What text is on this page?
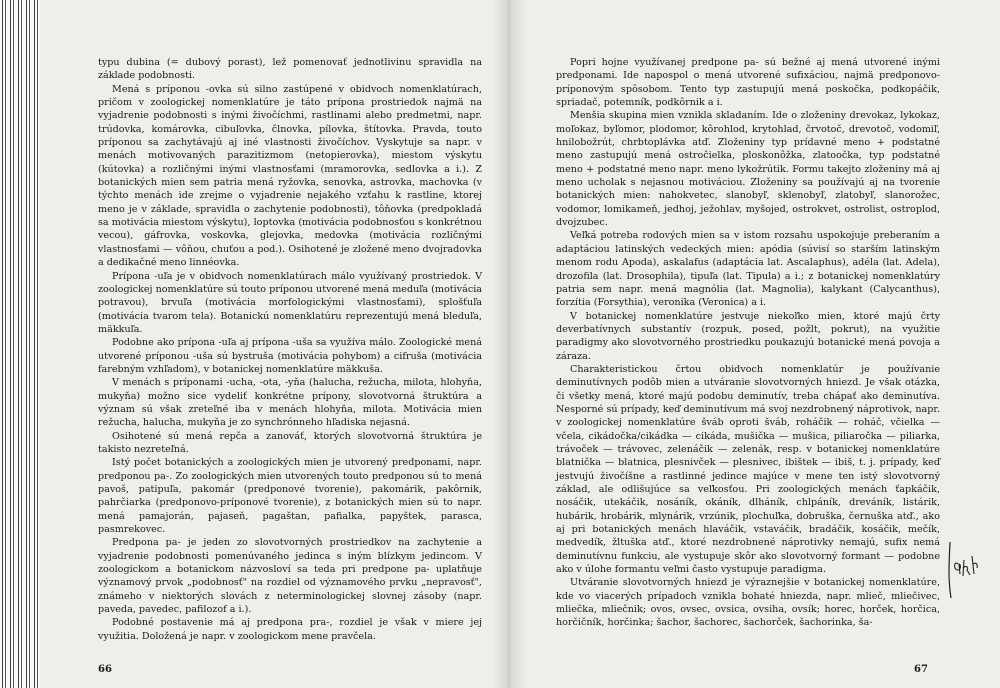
typu dubina (= dubový porast), lež pomenovať jednotlivinu spravidla na základe podobnosti.

Mená s príponou -ovka sú silno zastúpené v obidvoch nomenklatúrach, pričom v zoologickej nomenklatúre je táto prípona prostriedok najmä na vyjadrenie podobnosti s inými živočíchmi, rastlinami alebo predmetmi, napr. trúdovka, komárovka, cibuľovka, člnovka, pílovka, štítovka. Pravda, touto príponou sa zachytávajú aj iné vlastnosti živočíchov. Vyskytuje sa napr. v menách motivovaných parazitizmom (netopierovka), miestom výskytu (kútovka) a rozličnými inými vlastnosťami (mramorovka, sedlovka a i.). Z botanických mien sem patria mená ryžovka, senovka, astrovka, machovka (v týchto menách ide zrejme o vyjadrenie nejakého vzťahu k rastline, ktorej meno je v základe, spravidla o zachytenie podobnosti), tôňovka (predpokladá sa motivácia miestom výskytu), loptovka (motivácia podobnosťou s konkrétnou vecou), gáfrovka, voskovka, glejovka, medovka (motivácia rozličnými vlastnosťami — vôňou, chuťou a pod.). Osihotené je zložené meno dvojradovka a dedikačné meno linnéovka.

Prípona -uľa je v obidvoch nomenklatúrach málo využívaný prostriedok. V zoologickej nomenklatúre sú touto príponou utvorené mená meduľa (motivácia potravou), brvuľa (motivácia morfologickými vlastnosťami), splošťuľa (motivácia tvarom tela). Botanickú nomenklatúru reprezentujú mená bleduľa, mäkkuľa.

Podobne ako prípona -uľa aj prípona -uša sa využíva málo. Zoologické mená utvorené príponou -uša sú bystruša (motivácia pohybom) a cifruša (motivácia farebným vzhľadom), v botanickej nomenklatúre mäkkuša.

V menách s príponami -ucha, -ota, -yňa (halucha, režucha, milota, hlohyňa, mukyňa) možno sice vydeliť konkrétne prípony, slovotvorná štruktúra a význam sú však zreteľné iba v menách hlohyňa, milota. Motivácia mien režucha, halucha, mukyňa je zo synchrónneho hľadiska nejasná.

Osihotené sú mená repča a zanováť, ktorých slovotvorná štruktúra je takisto nezreteľná.

Istý počet botanických a zoologických mien je utvorený predponami, napr. predponou pa-. Zo zoologických mien utvorených touto predponou sú to mená pavoš, patipuľa, pakomár (predponové tvorenie), pakomárik, pakôrnik, pahrčiarka (predponovo-príponové tvorenie), z botanických mien sú to napr. mená pamajorán, pajaseň, pagaštan, pafialka, papyštek, parasca, pasmrekovec.

Predpona pa- je jeden zo slovotvorných prostriedkov na zachytenie a vyjadrenie podobnosti pomenúvaného jedinca s iným blízkym jedincom. V zoologickom a botanickom názvosloví sa teda pri predpone pa- uplatňuje významový prvok „podobnosť" na rozdiel od významového prvku „nepravosť", známeho v niektorých slovách z neterminologickej slovnej zásoby (napr. paveda, pavedec, pafilozof a i.).

Podobné postavenie má aj predpona pra-, rozdiel je však v miere jej využitia. Doložená je napr. v zoologickom mene pravčela.

66

Popri hojne využívanej predpone pa- sú bežné aj mená utvorené inými predponami. Ide napospol o mená utvorené sufixáciou, najmä predponovo-príponovým spôsobom. Tento typ zastupujú mená poskočka, podkopáčik, spriadač, potemník, podkôrnik a i.

Menšia skupina mien vznikla skladaním. Ide o zloženiny drevokaz, lykokaz, moľokaz, byľomor, plodomor, kôrohlod, krytohlad, črvotoč, drevotoč, vodomiľ, hnilobožrút, chrbtoplávka atď. Zloženiny typ prídavné meno + podstatné meno zastupujú mená ostročielka, ploskonôžka, zlatoočka, typ podstatné meno + podstatné meno napr. meno lykožrútik. Formu takejto zloženiny má aj meno ucholak s nejasnou motiváciou. Zloženiny sa používajú aj na tvorenie botanických mien: nahokvetec, slanobyľ, sklenobyľ, zlatobyľ, slanorožec, vodomor, lomikameň, jedhoj, ježohlav, myšojed, ostrokvet, ostrolist, ostroplod, dvojzubec.

Veľká potreba rodových mien sa v istom rozsahu uspokojuje preberaním a adaptáciou latinských vedeckých mien: apódia (súvisí so starším latinským menom rodu Apoda), askalafus (adaptácia lat. Ascalaphus), adéla (lat. Adela), drozofila (lat. Drosophila), tipuľa (lat. Tipula) a i.; z botanickej nomenklatúry patria sem napr. mená magnólia (lat. Magnolia), kalykant (Calycanthus), forzítia (Forsythia), veronika (Veronica) a i.

V botanickej nomenklatúre jestvuje niekoľko mien, ktoré majú črty deverbatívnych substantív (rozpuk, posed, požlt, pokrut), na využitie paradigmy ako slovotvorného prostriedku poukazujú botanické mená povoja a záraza.

Charakteristickou črtou obidvoch nomenklatúr je používanie deminutívnych podôb mien a utváranie slovotvorných hniezd. Je však otázka, či všetky mená, ktoré majú podobu deminutív, treba chápať ako deminutíva. Nesporné sú prípady, keď deminutívum má svoj nezdrobnený náprotivok, napr. v zoologickej nomenklatúre šváb oproti šváb, roháčik — roháč, včielka — včela, cikádočka/cikádka — cikáda, mušička — mušica, piliaročka — piliarka, trávoček — trávovec, zelenáčik — zelenák, resp. v botanickej nomenklatúre blatnička — blatnica, plesnivček — plesnivec, ibištek — ibiš, t. j. prípady, keď jestvujú živočíšne a rastlinné jedince majúce v mene ten istý slovotvorný základ, ale odlišujúce sa veľkosťou. Pri zoologických menách ťapkáčik, nosáčik, utekáčik, nosáník, okáník, dlháník, chlpáník, dreváník, listárik, hubárik, hrobárik, mlynárik, vrzúnik, plochuľka, dobruška, černuška atď., ako aj pri botanických menách hlaváčik, vstaváčik, bradáčik, kosáčik, mečík, medvedík, žltuška atď., ktoré nezdrobnené náprotivky nemajú, sufix nemá deminutívnu funkciu, ale vystupuje skôr ako slovotvorný formant — podobne ako v úlohe formantu veľmi často vystupuje paradigma.

Utváranie slovotvorných hniezd je výraznejšie v botanickej nomenklatúre, kde vo viacerých prípadoch vznikla bohaté hniezda, napr. mlieč, mliečivec, mliečka, mliečnik; ovos, ovsec, ovsica, ovsiha, ovsík; horec, horček, horčica, horčičník, horčinka; šachor, šachorec, šachorček, šachorinka, ša-

67
